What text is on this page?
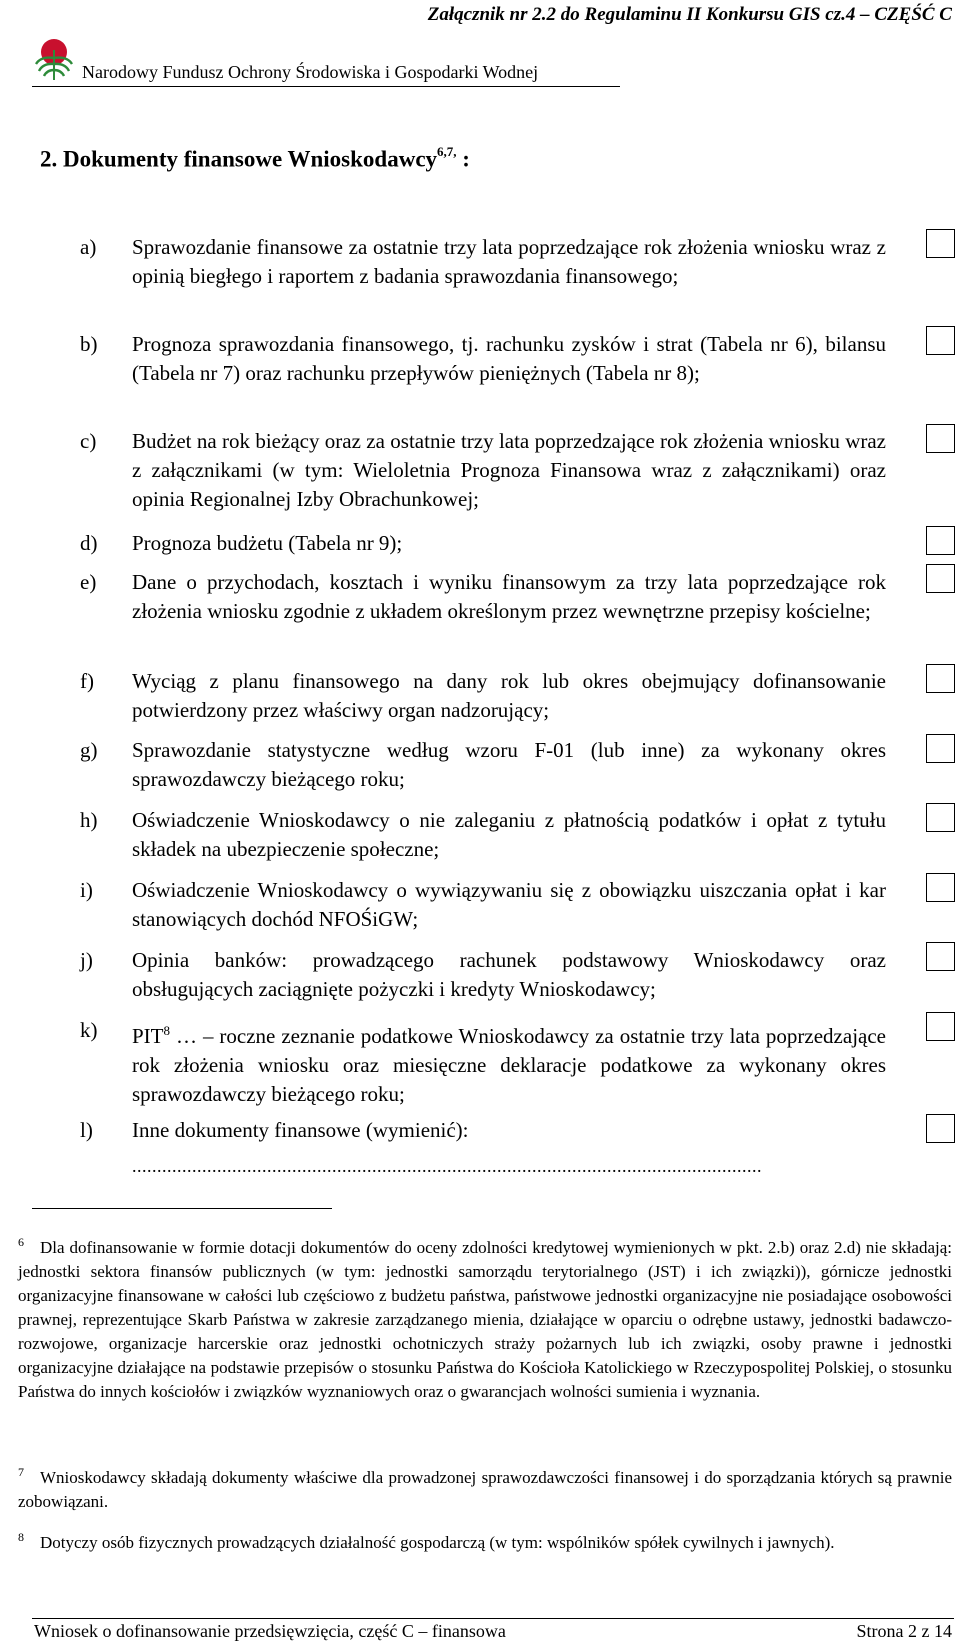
Załącznik nr 2.2 do Regulaminu II Konkursu GIS cz.4 – CZĘŚĆ C
Narodowy Fundusz Ochrony Środowiska i Gospodarki Wodnej
2. Dokumenty finansowe Wnioskodawcy$^{6,7,}$ :
a) Sprawozdanie finansowe za ostatnie trzy lata poprzedzające rok złożenia wniosku wraz z opinią biegłego i raportem z badania sprawozdania finansowego;
b) Prognoza sprawozdania finansowego, tj. rachunku zysków i strat (Tabela nr 6), bilansu (Tabela nr 7) oraz rachunku przepływów pieniężnych (Tabela nr 8);
c) Budżet na rok bieżący oraz za ostatnie trzy lata poprzedzające rok złożenia wniosku wraz z załącznikami (w tym: Wieloletnia Prognoza Finansowa wraz z załącznikami) oraz opinia Regionalnej Izby Obrachunkowej;
d) Prognoza budżetu (Tabela nr 9);
e) Dane o przychodach, kosztach i wyniku finansowym za trzy lata poprzedzające rok złożenia wniosku zgodnie z układem określonym przez wewnętrzne przepisy kościelne;
f) Wyciąg z planu finansowego na dany rok lub okres obejmujący dofinansowanie potwierdzony przez właściwy organ nadzorujący;
g) Sprawozdanie statystyczne według wzoru F-01 (lub inne) za wykonany okres sprawozdawczy bieżącego roku;
h) Oświadczenie Wnioskodawcy o nie zaleganiu z płatnością podatków i opłat z tytułu składek na ubezpieczenie społeczne;
i) Oświadczenie Wnioskodawcy o wywiązywaniu się z obowiązku uiszczania opłat i kar stanowiących dochód NFOŚiGW;
j) Opinia banków: prowadzącego rachunek podstawowy Wnioskodawcy oraz obsługujących zaciągnięte pożyczki i kredyty Wnioskodawcy;
k) PIT$^8$ … – roczne zeznanie podatkowe Wnioskodawcy za ostatnie trzy lata poprzedzające rok złożenia wniosku oraz miesięczne deklaracje podatkowe za wykonany okres sprawozdawczy bieżącego roku;
l) Inne dokumenty finansowe (wymienić):
..............................................................................................................................
6 Dla dofinansowanie w formie dotacji dokumentów do oceny zdolności kredytowej wymienionych w pkt. 2.b) oraz 2.d) nie składają: jednostki sektora finansów publicznych (w tym: jednostki samorządu terytorialnego (JST) i ich związki)), górnicze jednostki organizacyjne finansowane w całości lub częściowo z budżetu państwa, państwowe jednostki organizacyjne nie posiadające osobowości prawnej, reprezentujące Skarb Państwa w zakresie zarządzanego mienia, działające w oparciu o odrębne ustawy, jednostki badawczo-rozwojowe, organizacje harcerskie oraz jednostki ochotniczych straży pożarnych lub ich związki, osoby prawne i jednostki organizacyjne działające na podstawie przepisów o stosunku Państwa do Kościoła Katolickiego w Rzeczypospolitej Polskiej, o stosunku Państwa do innych kościołów i związków wyznaniowych oraz o gwarancjach wolności sumienia i wyznania.
7 Wnioskodawcy składają dokumenty właściwe dla prowadzonej sprawozdawczości finansowej i do sporządzania których są prawnie zobowiązani.
8 Dotyczy osób fizycznych prowadzących działalność gospodarczą (w tym: wspólników spółek cywilnych i jawnych).
Wniosek o dofinansowanie przedsięwzięcia, część C – finansowa	Strona 2 z 14
